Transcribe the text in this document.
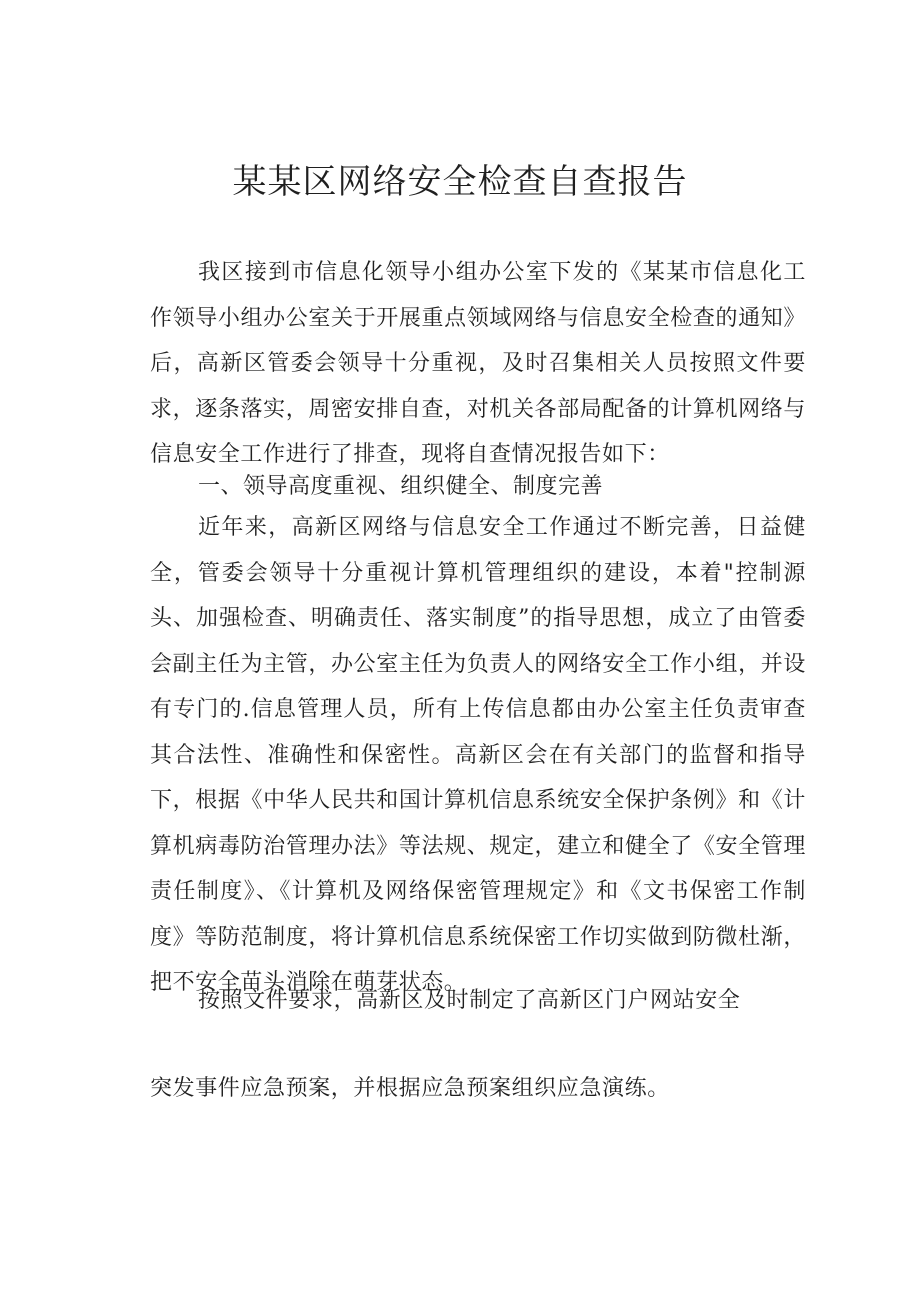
某某区网络安全检查自查报告

我区接到市信息化领导小组办公室下发的《某某市信息化工作领导小组办公室关于开展重点领域网络与信息安全检查的通知》后，高新区管委会领导十分重视，及时召集相关人员按照文件要求，逐条落实，周密安排自查，对机关各部局配备的计算机网络与信息安全工作进行了排查，现将自查情况报告如下：

一、领导高度重视、组织健全、制度完善

近年来，高新区网络与信息安全工作通过不断完善，日益健全，管委会领导十分重视计算机管理组织的建设，本着"控制源头、加强检查、明确责任、落实制度”的指导思想，成立了由管委会副主任为主管，办公室主任为负责人的网络安全工作小组，并设有专门的.信息管理人员，所有上传信息都由办公室主任负责审查其合法性、准确性和保密性。高新区会在有关部门的监督和指导下，根据《中华人民共和国计算机信息系统安全保护条例》和《计算机病毒防治管理办法》等法规、规定，建立和健全了《安全管理责任制度》、《计算机及网络保密管理规定》和《文书保密工作制度》等防范制度，将计算机信息系统保密工作切实做到防微杜渐，把不安全苗头消除在萌芽状态。

按照文件要求，高新区及时制定了高新区门户网站安全

突发事件应急预案，并根据应急预案组织应急演练。
